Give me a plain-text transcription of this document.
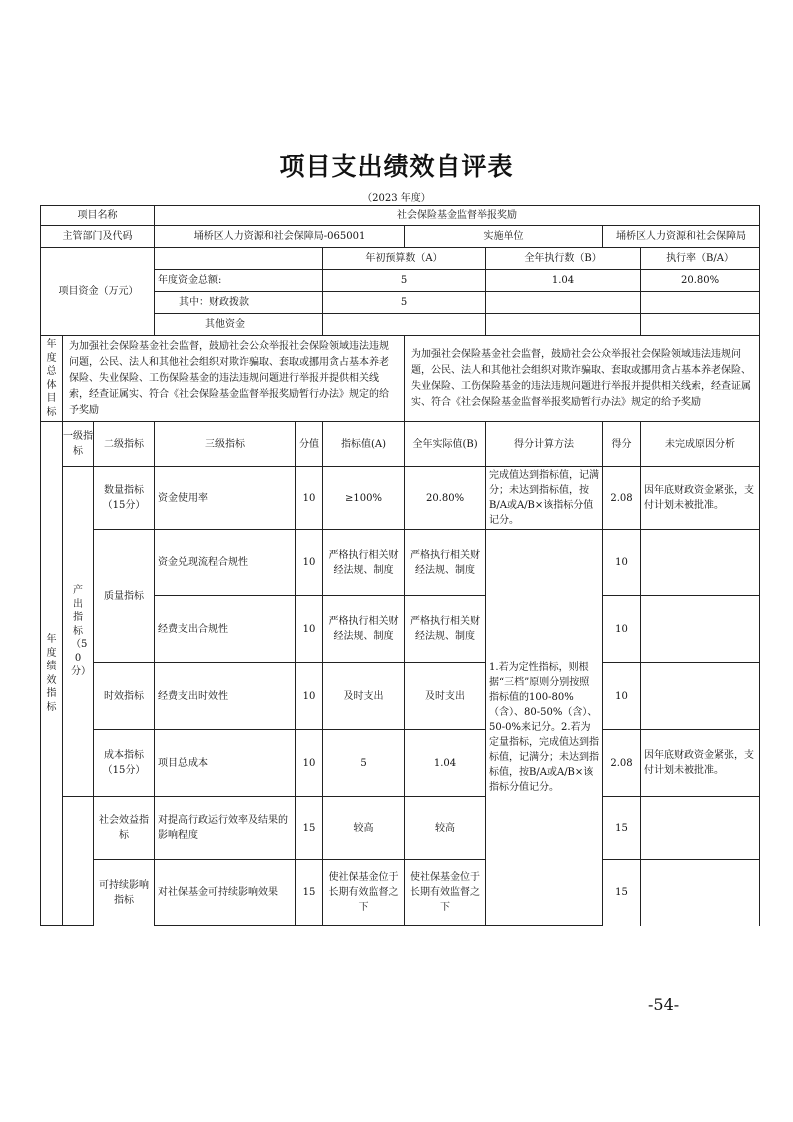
项目支出绩效自评表
（2023 年度）
项目名称			社会保险基金监督举报奖励						
主管部门及代码			埇桥区人力资源和社会保障局-065001			实施单位		埇桥区人力资源和社会保障局	

项目资金（万元）					年初预算数（A）		全年执行数（B）		执行率（B/A）
			年度资金总额:		5		1.04		20.80%
			其中：财政拨款		5				
			其他资金						

年度总体目标	为加强社会保险基金社会监督，鼓励社会公众举报社会保险领域违法违规问题，公民、法人和其他社会组织对欺诈骗取、套取或挪用贪占基本养老保险、失业保险、工伤保险基金的违法违规问题进行举报并提供相关线索，经查证属实、符合《社会保险基金监督举报奖励暂行办法》规定的给予奖励					为加强社会保险基金社会监督，鼓励社会公众举报社会保险领域违法违规问题，公民、法人和其他社会组织对欺诈骗取、套取或挪用贪占基本养老保险、失业保险、工伤保险基金的违法违规问题进行举报并提供相关线索，经查证属实、符合《社会保险基金监督举报奖励暂行办法》规定的给予奖励			

年度绩效指标	一级指标	二级指标	三级指标	分值	指标值(A)	全年实际值(B)	得分计算方法	得分	未完成原因分析

	产出指标（50分）	数量指标（15分）	资金使用率	10	≥100%	20.80%	完成值达到指标值，记满分；未达到指标值，按B/A或A/B×该指标分值记分。	2.08	因年底财政资金紧张，支付计划未被批准。
		质量指标	资金兑现流程合规性	10	严格执行相关财经法规、制度	严格执行相关财经法规、制度	1.若为定性指标，则根据“三档”原则分别按照指标值的100-80%（含）、80-50%（含）、50-0%来记分。2.若为定量指标，完成值达到指标值，记满分；未达到指标值，按B/A或A/B×该指标分值记分。	10	
			经费支出合规性	10	严格执行相关财经法规、制度	严格执行相关财经法规、制度		10	
		时效指标	经费支出时效性	10	及时支出	及时支出		10	
		成本指标（15分）	项目总成本	10	5	1.04		2.08	因年底财政资金紧张，支付计划未被批准。
		社会效益指标	对提高行政运行效率及结果的影响程度	15	较高	较高		15	
		可持续影响指标	对社保基金可持续影响效果	15	使社保基金位于长期有效监督之下	使社保基金位于长期有效监督之下		15	
-54-
